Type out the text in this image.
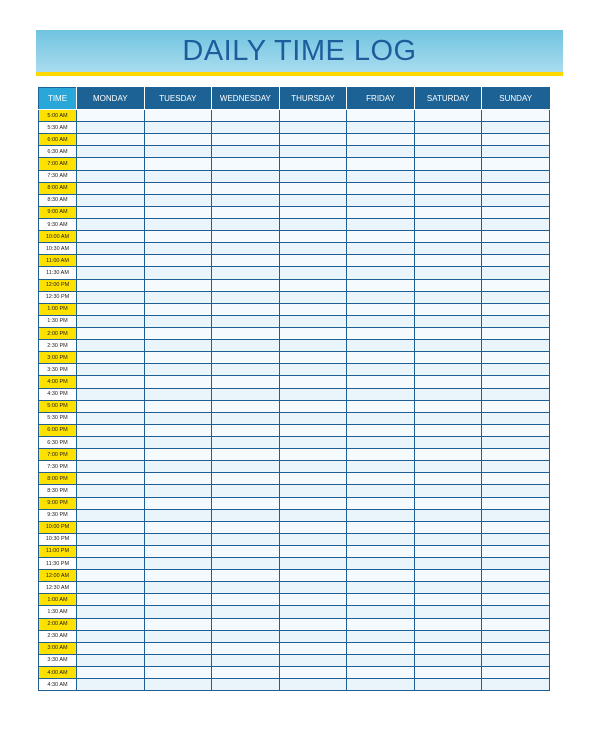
DAILY TIME LOG
TIME	MONDAY	TUESDAY	WEDNESDAY	THURSDAY	FRIDAY	SATURDAY	SUNDAY
5:00 AM							
5:30 AM							
6:00 AM							
6:30 AM							
7:00 AM							
7:30 AM							
8:00 AM							
8:30 AM							
9:00 AM							
9:30 AM							
10:00 AM							
10:30 AM							
11:00 AM							
11:30 AM							
12:00 PM							
12:30 PM							
1:00 PM							
1:30 PM							
2:00 PM							
2:30 PM							
3:00 PM							
3:30 PM							
4:00 PM							
4:30 PM							
5:00 PM							
5:30 PM							
6:00 PM							
6:30 PM							
7:00 PM							
7:30 PM							
8:00 PM							
8:30 PM							
9:00 PM							
9:30 PM							
10:00 PM							
10:30 PM							
11:00 PM							
11:30 PM							
12:00 AM							
12:30 AM							
1:00 AM							
1:30 AM							
2:00 AM							
2:30 AM							
3:00 AM							
3:30 AM							
4:00 AM							
4:30 AM							
